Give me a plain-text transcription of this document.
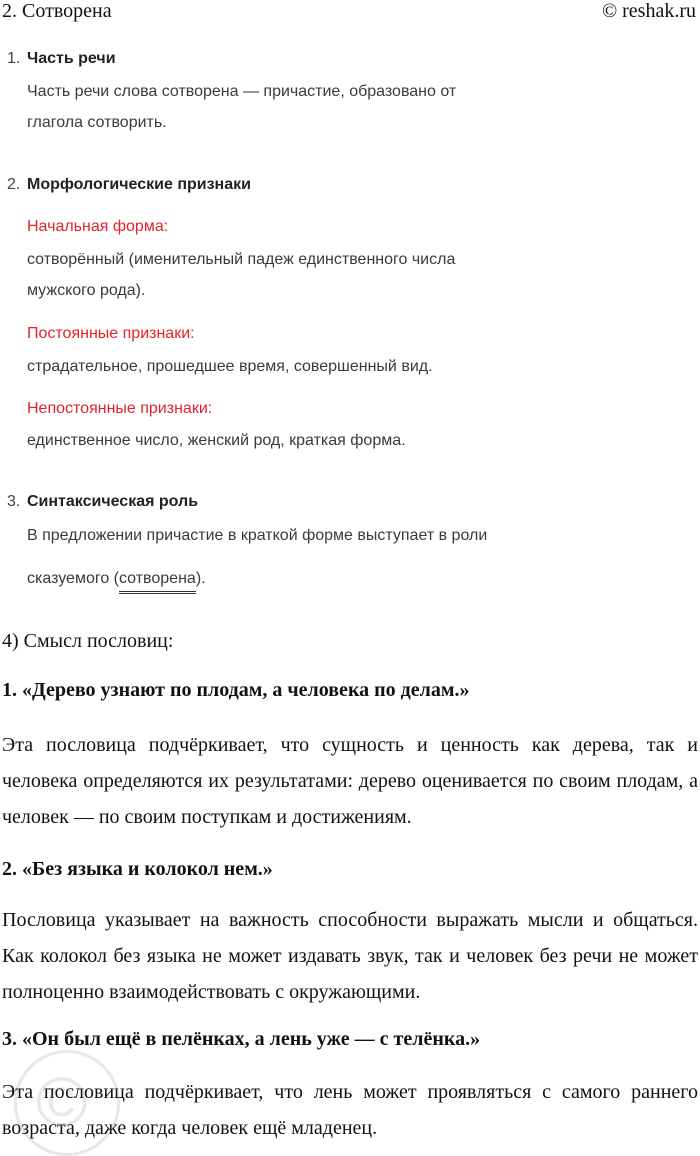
2. Сотворена	© reshak.ru
1. Часть речи
Часть речи слова сотворена — причастие, образовано от
глагола сотворить.
2. Морфологические признаки
Начальная форма:
сотворённый (именительный падеж единственного числа
мужского рода).
Постоянные признаки:
страдательное, прошедшее время, совершенный вид.
Непостоянные признаки:
единственное число, женский род, краткая форма.
3. Синтаксическая роль
В предложении причастие в краткой форме выступает в роли
сказуемого (сотворена).
4) Смысл пословиц:
1. «Дерево узнают по плодам, а человека по делам.»
Эта пословица подчёркивает, что сущность и ценность как дерева, так и человека определяются их результатами: дерево оценивается по своим плодам, а человек — по своим поступкам и достижениям.
2. «Без языка и колокол нем.»
Пословица указывает на важность способности выражать мысли и общаться. Как колокол без языка не может издавать звук, так и человек без речи не может полноценно взаимодействовать с окружающими.
3. «Он был ещё в пелёнках, а лень уже — с телёнка.»
Эта пословица подчёркивает, что лень может проявляться с самого раннего возраста, даже когда человек ещё младенец.
©
